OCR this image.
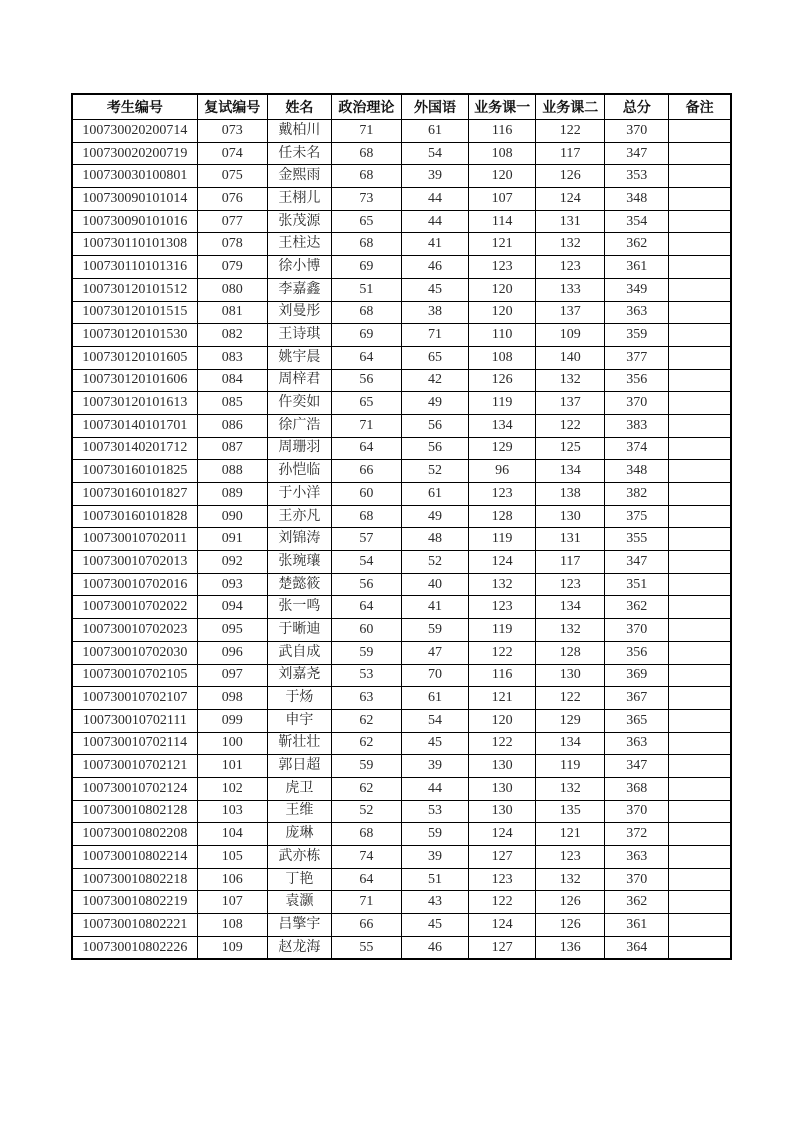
考生编号	复试编号	姓名	政治理论	外国语	业务课一	业务课二	总分	备注
100730020200714	073	戴柏川	71	61	116	122	370	
100730020200719	074	任未名	68	54	108	117	347	
100730030100801	075	金熙雨	68	39	120	126	353	
100730090101014	076	王栩儿	73	44	107	124	348	
100730090101016	077	张茂源	65	44	114	131	354	
100730110101308	078	王柱达	68	41	121	132	362	
100730110101316	079	徐小博	69	46	123	123	361	
100730120101512	080	李嘉鑫	51	45	120	133	349	
100730120101515	081	刘曼彤	68	38	120	137	363	
100730120101530	082	王诗琪	69	71	110	109	359	
100730120101605	083	姚宇晨	64	65	108	140	377	
100730120101606	084	周梓君	56	42	126	132	356	
100730120101613	085	仵奕如	65	49	119	137	370	
100730140101701	086	徐广浩	71	56	134	122	383	
100730140201712	087	周珊羽	64	56	129	125	374	
100730160101825	088	孙恺临	66	52	96	134	348	
100730160101827	089	于小洋	60	61	123	138	382	
100730160101828	090	王亦凡	68	49	128	130	375	
100730010702011	091	刘锦涛	57	48	119	131	355	
100730010702013	092	张琬瓖	54	52	124	117	347	
100730010702016	093	楚懿筱	56	40	132	123	351	
100730010702022	094	张一鸣	64	41	123	134	362	
100730010702023	095	于晰迪	60	59	119	132	370	
100730010702030	096	武自成	59	47	122	128	356	
100730010702105	097	刘嘉尧	53	70	116	130	369	
100730010702107	098	于炀	63	61	121	122	367	
100730010702111	099	申宇	62	54	120	129	365	
100730010702114	100	靳壮壮	62	45	122	134	363	
100730010702121	101	郭日超	59	39	130	119	347	
100730010702124	102	虎卫	62	44	130	132	368	
100730010802128	103	王维	52	53	130	135	370	
100730010802208	104	庞琳	68	59	124	121	372	
100730010802214	105	武亦栋	74	39	127	123	363	
100730010802218	106	丁艳	64	51	123	132	370	
100730010802219	107	袁灏	71	43	122	126	362	
100730010802221	108	吕擎宇	66	45	124	126	361	
100730010802226	109	赵龙海	55	46	127	136	364	
